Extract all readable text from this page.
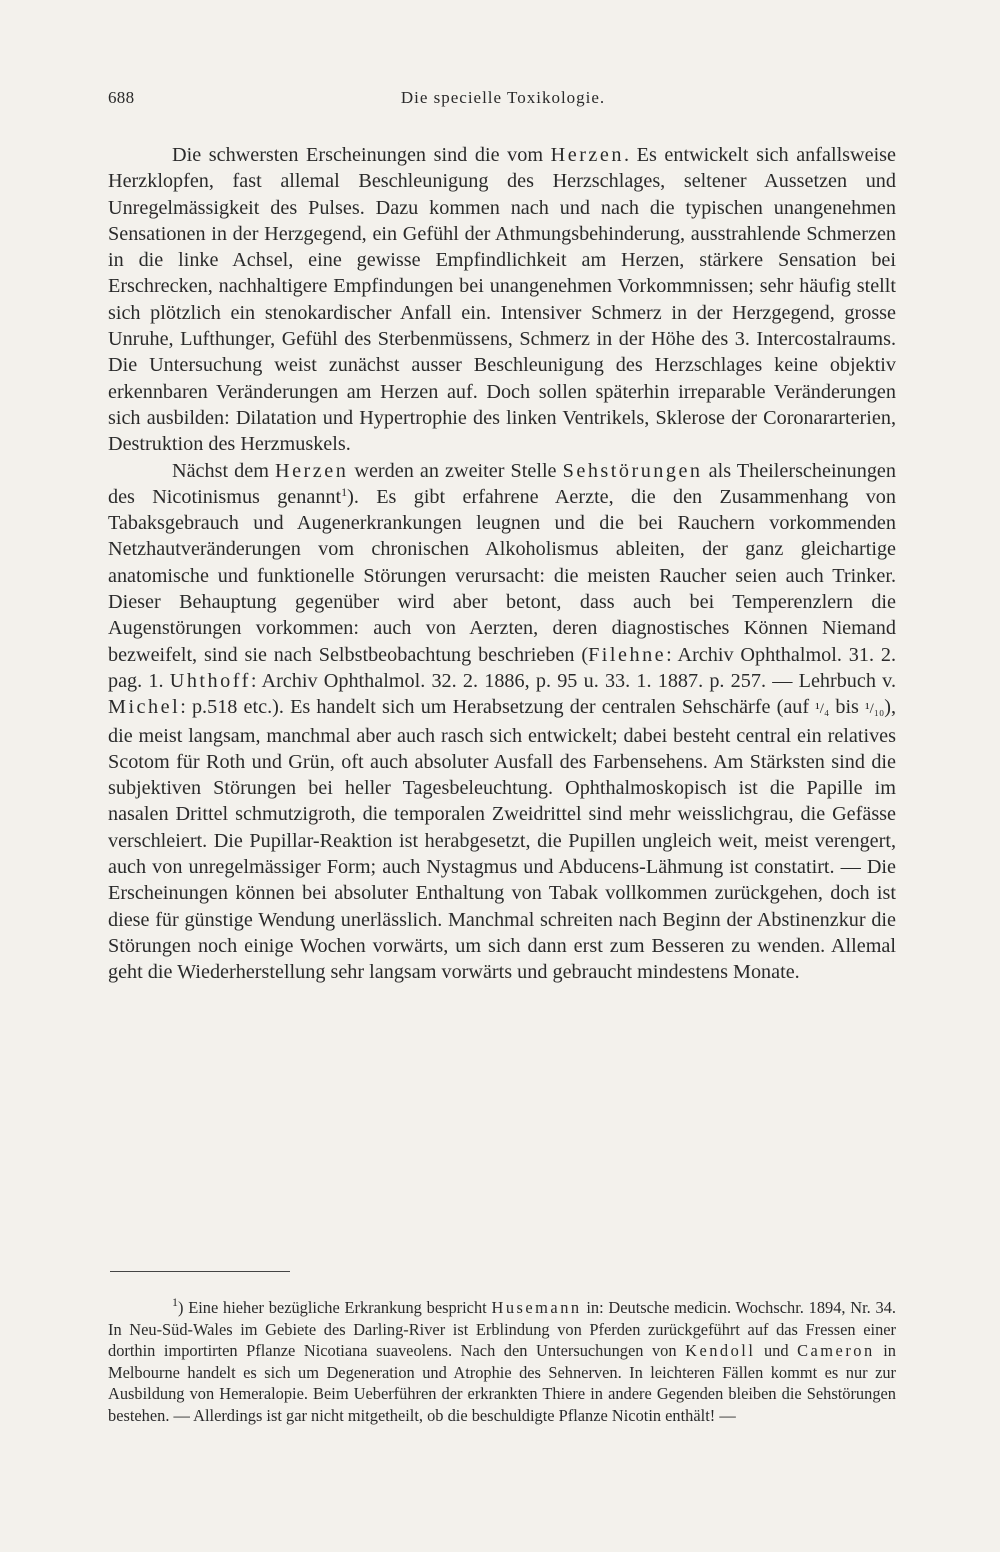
688	Die specielle Toxikologie.

Die schwersten Erscheinungen sind die vom Herzen. Es entwickelt sich anfallsweise Herzklopfen, fast allemal Beschleunigung des Herzschlages, seltener Aussetzen und Unregelmässigkeit des Pulses. Dazu kommen nach und nach die typischen unangenehmen Sensationen in der Herzgegend, ein Gefühl der Athmungsbehinderung, ausstrahlende Schmerzen in die linke Achsel, eine gewisse Empfindlichkeit am Herzen, stärkere Sensation bei Erschrecken, nachhaltigere Empfindungen bei unangenehmen Vorkommnissen; sehr häufig stellt sich plötzlich ein stenokardischer Anfall ein. Intensiver Schmerz in der Herzgegend, grosse Unruhe, Lufthunger, Gefühl des Sterbenmüssens, Schmerz in der Höhe des 3. Intercostalraums. Die Untersuchung weist zunächst ausser Beschleunigung des Herzschlages keine objektiv erkennbaren Veränderungen am Herzen auf. Doch sollen späterhin irreparable Veränderungen sich ausbilden: Dilatation und Hypertrophie des linken Ventrikels, Sklerose der Coronararterien, Destruktion des Herzmuskels.

Nächst dem Herzen werden an zweiter Stelle Sehstörungen als Theilerscheinungen des Nicotinismus genannt$^1$). Es gibt erfahrene Aerzte, die den Zusammenhang von Tabaksgebrauch und Augenerkrankungen leugnen und die bei Rauchern vorkommenden Netzhautveränderungen vom chronischen Alkoholismus ableiten, der ganz gleichartige anatomische und funktionelle Störungen verursacht: die meisten Raucher seien auch Trinker. Dieser Behauptung gegenüber wird aber betont, dass auch bei Temperenzlern die Augenstörungen vorkommen: auch von Aerzten, deren diagnostisches Können Niemand bezweifelt, sind sie nach Selbstbeobachtung beschrieben (Filehne: Archiv Ophthalmol. 31. 2. pag. 1. Uhthoff: Archiv Ophthalmol. 32. 2. 1886, p. 95 u. 33. 1. 1887. p. 257. — Lehrbuch v. Michel: p.518 etc.). Es handelt sich um Herabsetzung der centralen Sehschärfe (auf ¹/₄ bis ¹/₁₀), die meist langsam, manchmal aber auch rasch sich entwickelt; dabei besteht central ein relatives Scotom für Roth und Grün, oft auch absoluter Ausfall des Farbensehens. Am Stärksten sind die subjektiven Störungen bei heller Tagesbeleuchtung. Ophthalmoskopisch ist die Papille im nasalen Drittel schmutzigroth, die temporalen Zweidrittel sind mehr weisslichgrau, die Gefässe verschleiert. Die Pupillar-Reaktion ist herabgesetzt, die Pupillen ungleich weit, meist verengert, auch von unregelmässiger Form; auch Nystagmus und Abducens-Lähmung ist constatirt. — Die Erscheinungen können bei absoluter Enthaltung von Tabak vollkommen zurückgehen, doch ist diese für günstige Wendung unerlässlich. Manchmal schreiten nach Beginn der Abstinenzkur die Störungen noch einige Wochen vorwärts, um sich dann erst zum Besseren zu wenden. Allemal geht die Wiederherstellung sehr langsam vorwärts und gebraucht mindestens Monate.

$^1$) Eine hieher bezügliche Erkrankung bespricht Husemann in: Deutsche medicin. Wochschr. 1894, Nr. 34. In Neu-Süd-Wales im Gebiete des Darling-River ist Erblindung von Pferden zurückgeführt auf das Fressen einer dorthin importirten Pflanze Nicotiana suaveolens. Nach den Untersuchungen von Kendoll und Cameron in Melbourne handelt es sich um Degeneration und Atrophie des Sehnerven. In leichteren Fällen kommt es nur zur Ausbildung von Hemeralopie. Beim Ueberführen der erkrankten Thiere in andere Gegenden bleiben die Sehstörungen bestehen. — Allerdings ist gar nicht mitgetheilt, ob die beschuldigte Pflanze Nicotin enthält! —
